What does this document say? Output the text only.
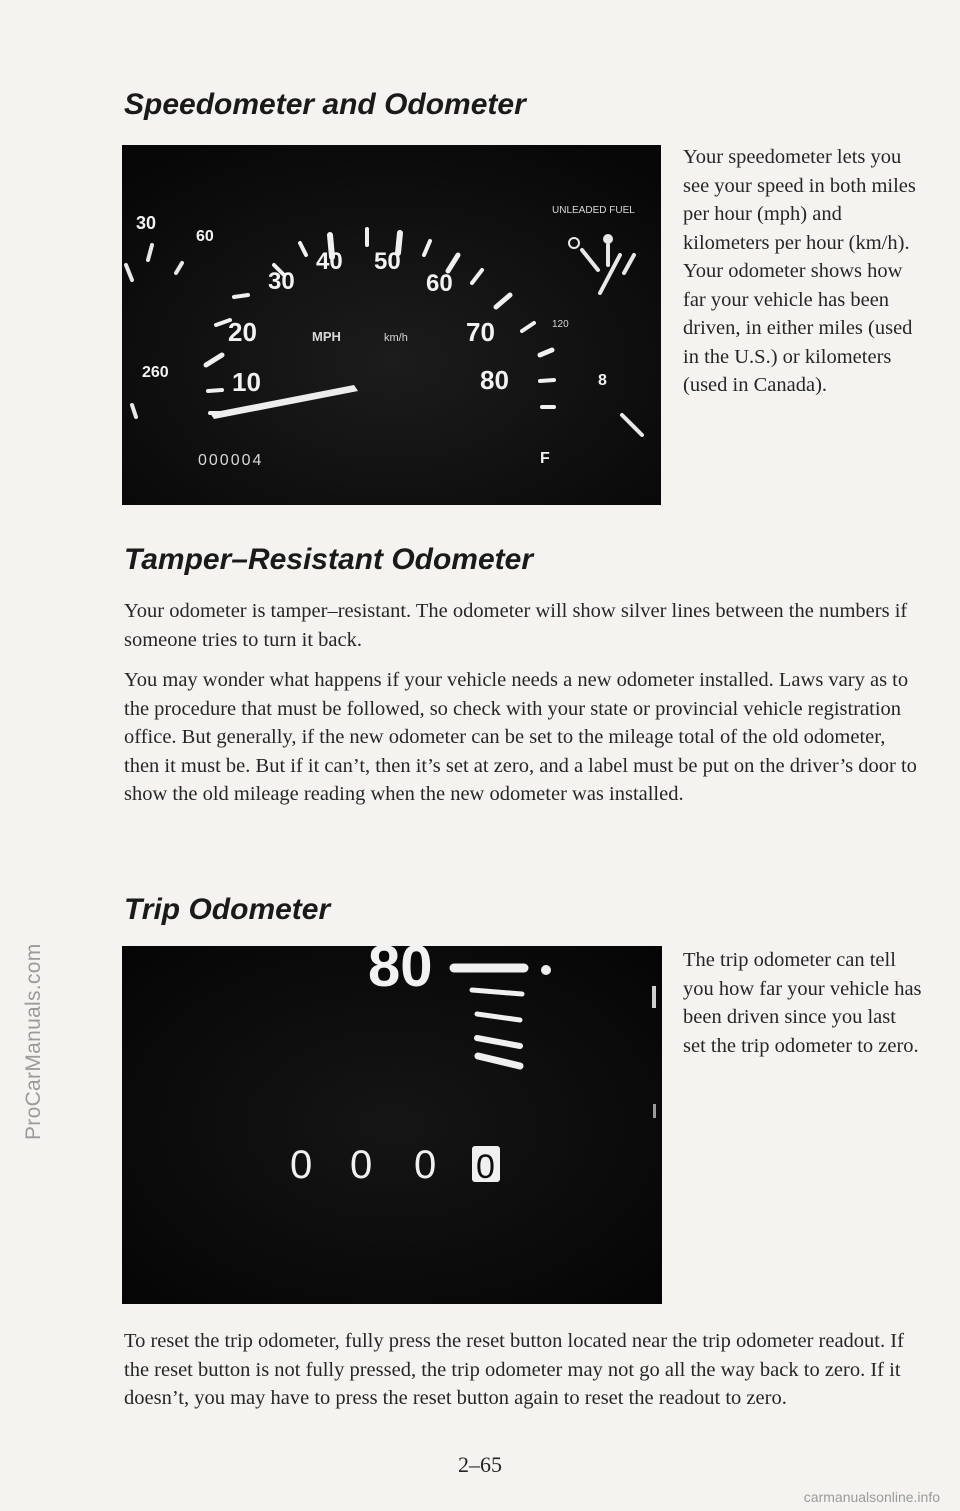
ProCarManuals.com
carmanualsonline.info
Speedometer and Odometer
10
20
30
40 50
60
70
80
30
60
260	8
F
MPH	km/h
UNLEADED FUEL
120
000004

Your speedometer lets you see your speed in both miles per hour (mph) and kilometers per hour (km/h). Your odometer shows how far your vehicle has been driven, in either miles (used in the U.S.) or kilometers (used in Canada).

Tamper–Resistant Odometer

Your odometer is tamper–resistant. The odometer will show silver lines between the numbers if someone tries to turn it back.

You may wonder what happens if your vehicle needs a new odometer installed. Laws vary as to the procedure that must be followed, so check with your state or provincial vehicle registration office. But generally, if the new odometer can be set to the mileage total of the old odometer, then it must be. But if it can’t, then it’s set at zero, and a label must be put on the driver’s door to show the old mileage reading when the new odometer was installed.

Trip Odometer
80
0 0 0 0

The trip odometer can tell you how far your vehicle has been driven since you last set the trip odometer to zero.

To reset the trip odometer, fully press the reset button located near the trip odometer readout. If the reset button is not fully pressed, the trip odometer may not go all the way back to zero. If it doesn’t, you may have to press the reset button again to reset the readout to zero.

2–65
